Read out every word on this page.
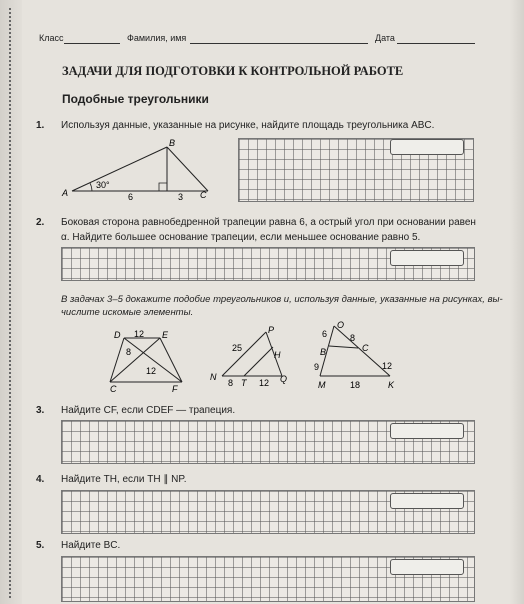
Класс	Фамилия, имя	Дата
ЗАДАЧИ ДЛЯ ПОДГОТОВКИ К КОНТРОЛЬНОЙ РАБОТЕ
Подобные треугольники
1. Используя данные, указанные на рисунке, найдите площадь треугольника ABC.
A
B
C
30°
6	3
2. Боковая сторона равнобедренной трапеции равна 6, а острый угол при основании равен
α. Найдите большее основание трапеции, если меньшее основание равно 5.
В задачах 3–5 докажите подобие треугольников и, используя данные, указанные на рисунках, вы-
числите искомые элементы.
D	E
C	F
12
8
12
P
H
N
T	Q
25
8	12
O
B	C
M	K
6	8
9	12
18
3. Найдите CF, если CDEF — трапеция.
4. Найдите TH, если TH ∥ NP.
5. Найдите BC.
